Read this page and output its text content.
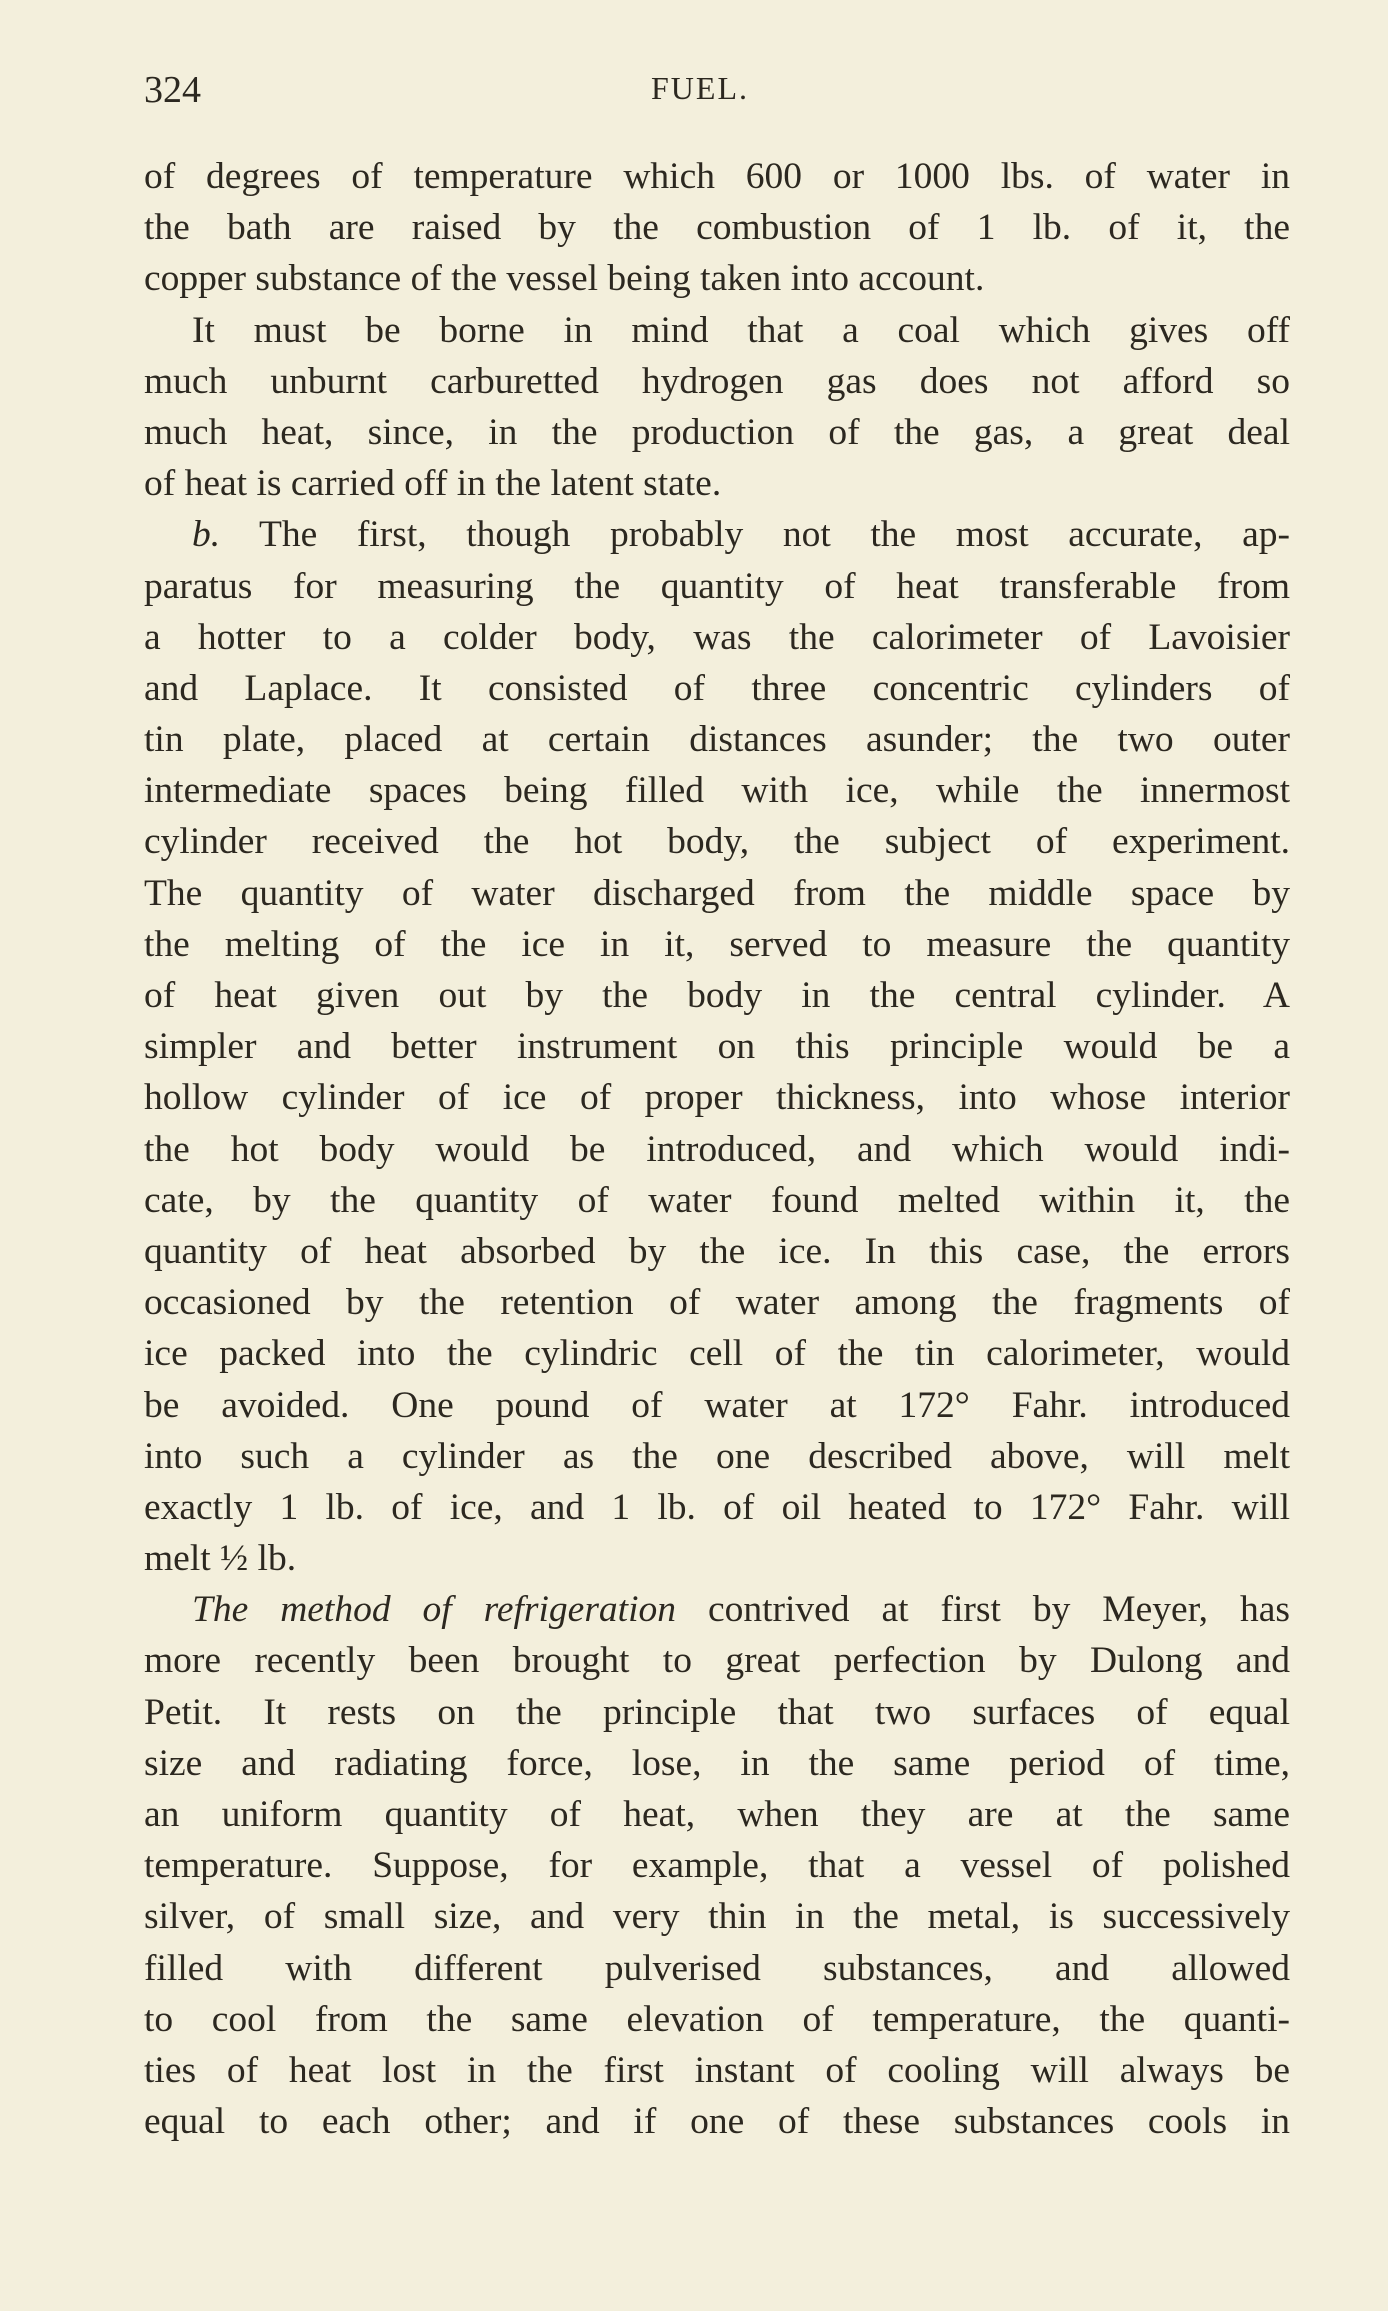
324	FUEL.
of degrees of temperature which 600 or 1000 lbs. of water in
the bath are raised by the combustion of 1 lb. of it, the
copper substance of the vessel being taken into account.
It must be borne in mind that a coal which gives off
much unburnt carburetted hydrogen gas does not afford so
much heat, since, in the production of the gas, a great deal
of heat is carried off in the latent state.
b. The first, though probably not the most accurate, ap-
paratus for measuring the quantity of heat transferable from
a hotter to a colder body, was the calorimeter of Lavoisier
and Laplace. It consisted of three concentric cylinders of
tin plate, placed at certain distances asunder; the two outer
intermediate spaces being filled with ice, while the innermost
cylinder received the hot body, the subject of experiment.
The quantity of water discharged from the middle space by
the melting of the ice in it, served to measure the quantity
of heat given out by the body in the central cylinder. A
simpler and better instrument on this principle would be a
hollow cylinder of ice of proper thickness, into whose interior
the hot body would be introduced, and which would indi-
cate, by the quantity of water found melted within it, the
quantity of heat absorbed by the ice. In this case, the errors
occasioned by the retention of water among the fragments of
ice packed into the cylindric cell of the tin calorimeter, would
be avoided. One pound of water at 172° Fahr. introduced
into such a cylinder as the one described above, will melt
exactly 1 lb. of ice, and 1 lb. of oil heated to 172° Fahr. will
melt ½ lb.
The method of refrigeration contrived at first by Meyer, has
more recently been brought to great perfection by Dulong and
Petit. It rests on the principle that two surfaces of equal
size and radiating force, lose, in the same period of time,
an uniform quantity of heat, when they are at the same
temperature. Suppose, for example, that a vessel of polished
silver, of small size, and very thin in the metal, is successively
filled with different pulverised substances, and allowed
to cool from the same elevation of temperature, the quanti-
ties of heat lost in the first instant of cooling will always be
equal to each other; and if one of these substances cools in
